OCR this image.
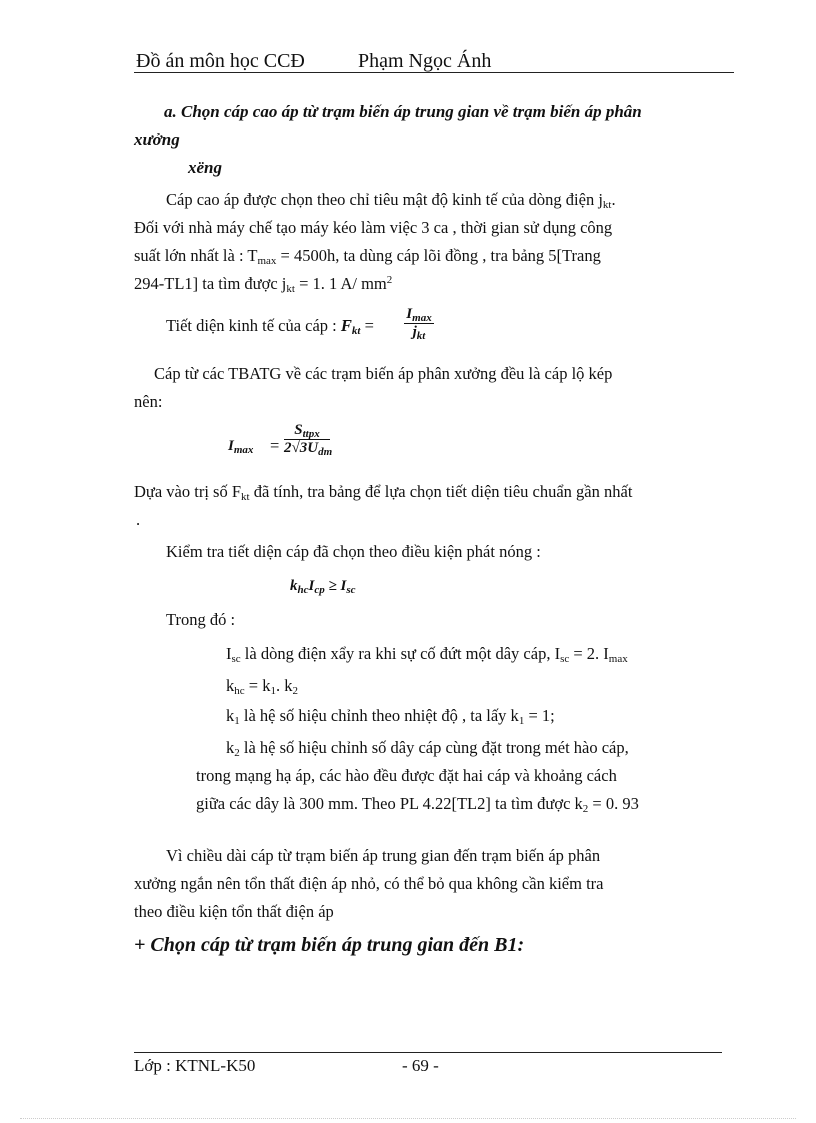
Đồ án môn học CCĐ	Phạm Ngọc Ánh
a. Chọn cáp cao áp từ trạm biến áp trung gian về trạm biến áp phân
xưởng
xëng
Cáp cao áp được chọn theo chỉ tiêu mật độ kinh tế của dòng điện $j_{kt}$.
Đối với nhà máy chế tạo máy kéo làm việc 3 ca , thời gian sử dụng công
suất lớn nhất là : $T_{max} = 4500h$, ta dùng cáp lõi đồng , tra bảng 5[Trang
294-TL1] ta tìm được $j_{kt} = 1$. 1 A/ $mm^2$
Tiết diện kinh tế của cáp : $F_{kt}$ =
$I_{max}$
$j_{kt}$
Cáp từ các TBATG về các trạm biến áp phân xưởng đều là cáp lộ kép
nên:
$I_{max}$ =
$S_{ttpx}$
$2√3U_{dm}$
Dựa vào trị số $F_{kt}$ đã tính, tra bảng để lựa chọn tiết diện tiêu chuẩn gần nhất
.
Kiểm tra tiết diện cáp đã chọn theo điều kiện phát nóng :
$k_{hc}I_{cp} \ge I_{sc}$
Trong đó :
$I_{sc}$ là dòng điện xẩy ra khi sự cố đứt một dây cáp, $I_{sc} = 2$. $I_{max}$
$k_{hc} = k_1$. $k_2$
$k_1$ là hệ số hiệu chỉnh theo nhiệt độ , ta lấy $k_1 = 1$;
$k_2$ là hệ số hiệu chỉnh số dây cáp cùng đặt trong mét hào cáp,
trong mạng hạ áp, các hào đều được đặt hai cáp và khoảng cách
giữa các dây là 300 mm. Theo PL 4.22[TL2] ta tìm được $k_2 = 0$. 93
Vì chiều dài cáp từ trạm biến áp trung gian đến trạm biến áp phân
xưởng ngắn nên tổn thất điện áp nhỏ, có thể bỏ qua không cần kiểm tra
theo điều kiện tổn thất điện áp
+ Chọn cáp từ trạm biến áp trung gian đến B1:
Lớp : KTNL-K50	- 69 -
